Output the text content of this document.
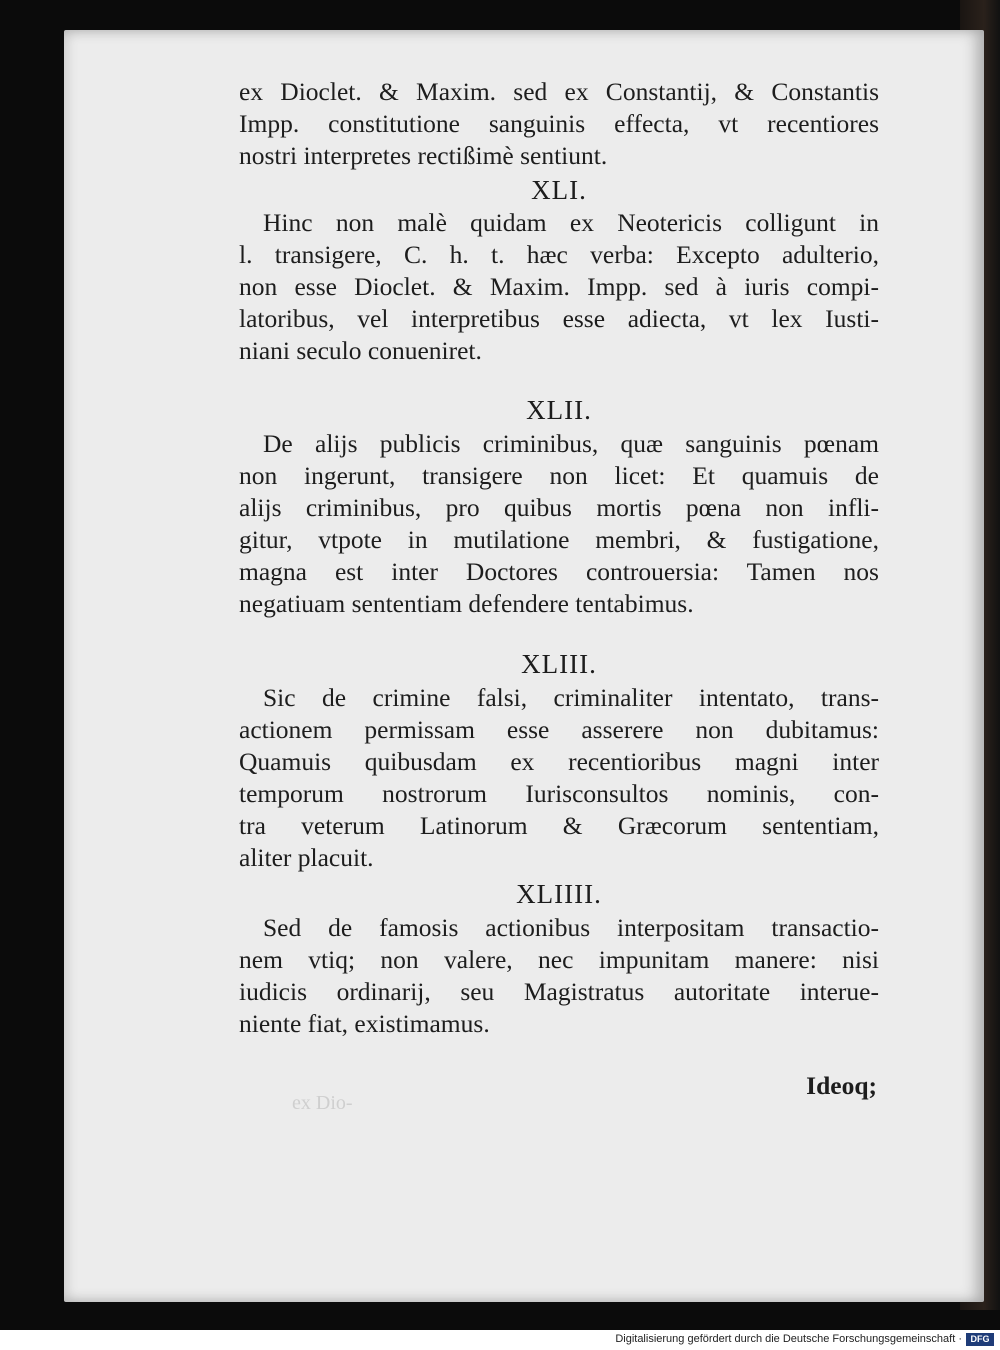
ex Dio-
ex Dioclet. & Maxim. sed ex Constantij, & Constantis
Impp. constitutione sanguinis effecta, vt recentiores
nostri interpretes rectißimè sentiunt.
XLI.
Hinc non malè quidam ex Neotericis colligunt in
l. transigere, C. h. t. hæc verba: Excepto adulterio,
non esse Dioclet. & Maxim. Impp. sed à iuris compi-
latoribus, vel interpretibus esse adiecta, vt lex Iusti-
niani seculo conueniret.
XLII.
De alijs publicis criminibus, quæ sanguinis pœnam
non ingerunt, transigere non licet: Et quamuis de
alijs criminibus, pro quibus mortis pœna non infli-
gitur, vtpote in mutilatione membri, & fustigatione,
magna est inter Doctores controuersia: Tamen nos
negatiuam sententiam defendere tentabimus.
XLIII.
Sic de crimine falsi, criminaliter intentato, trans-
actionem permissam esse asserere non dubitamus:
Quamuis quibusdam ex recentioribus magni inter
temporum nostrorum Iurisconsultos nominis, con-
tra veterum Latinorum & Græcorum sententiam,
aliter placuit.
XLIIII.
Sed de famosis actionibus interpositam transactio-
nem vtiq; non valere, nec impunitam manere: nisi
iudicis ordinarij, seu Magistratus autoritate interue-
niente fiat, existimamus.
Ideoq;
Digitalisierung gefördert durch die Deutsche Forschungsgemeinschaft · DFG
